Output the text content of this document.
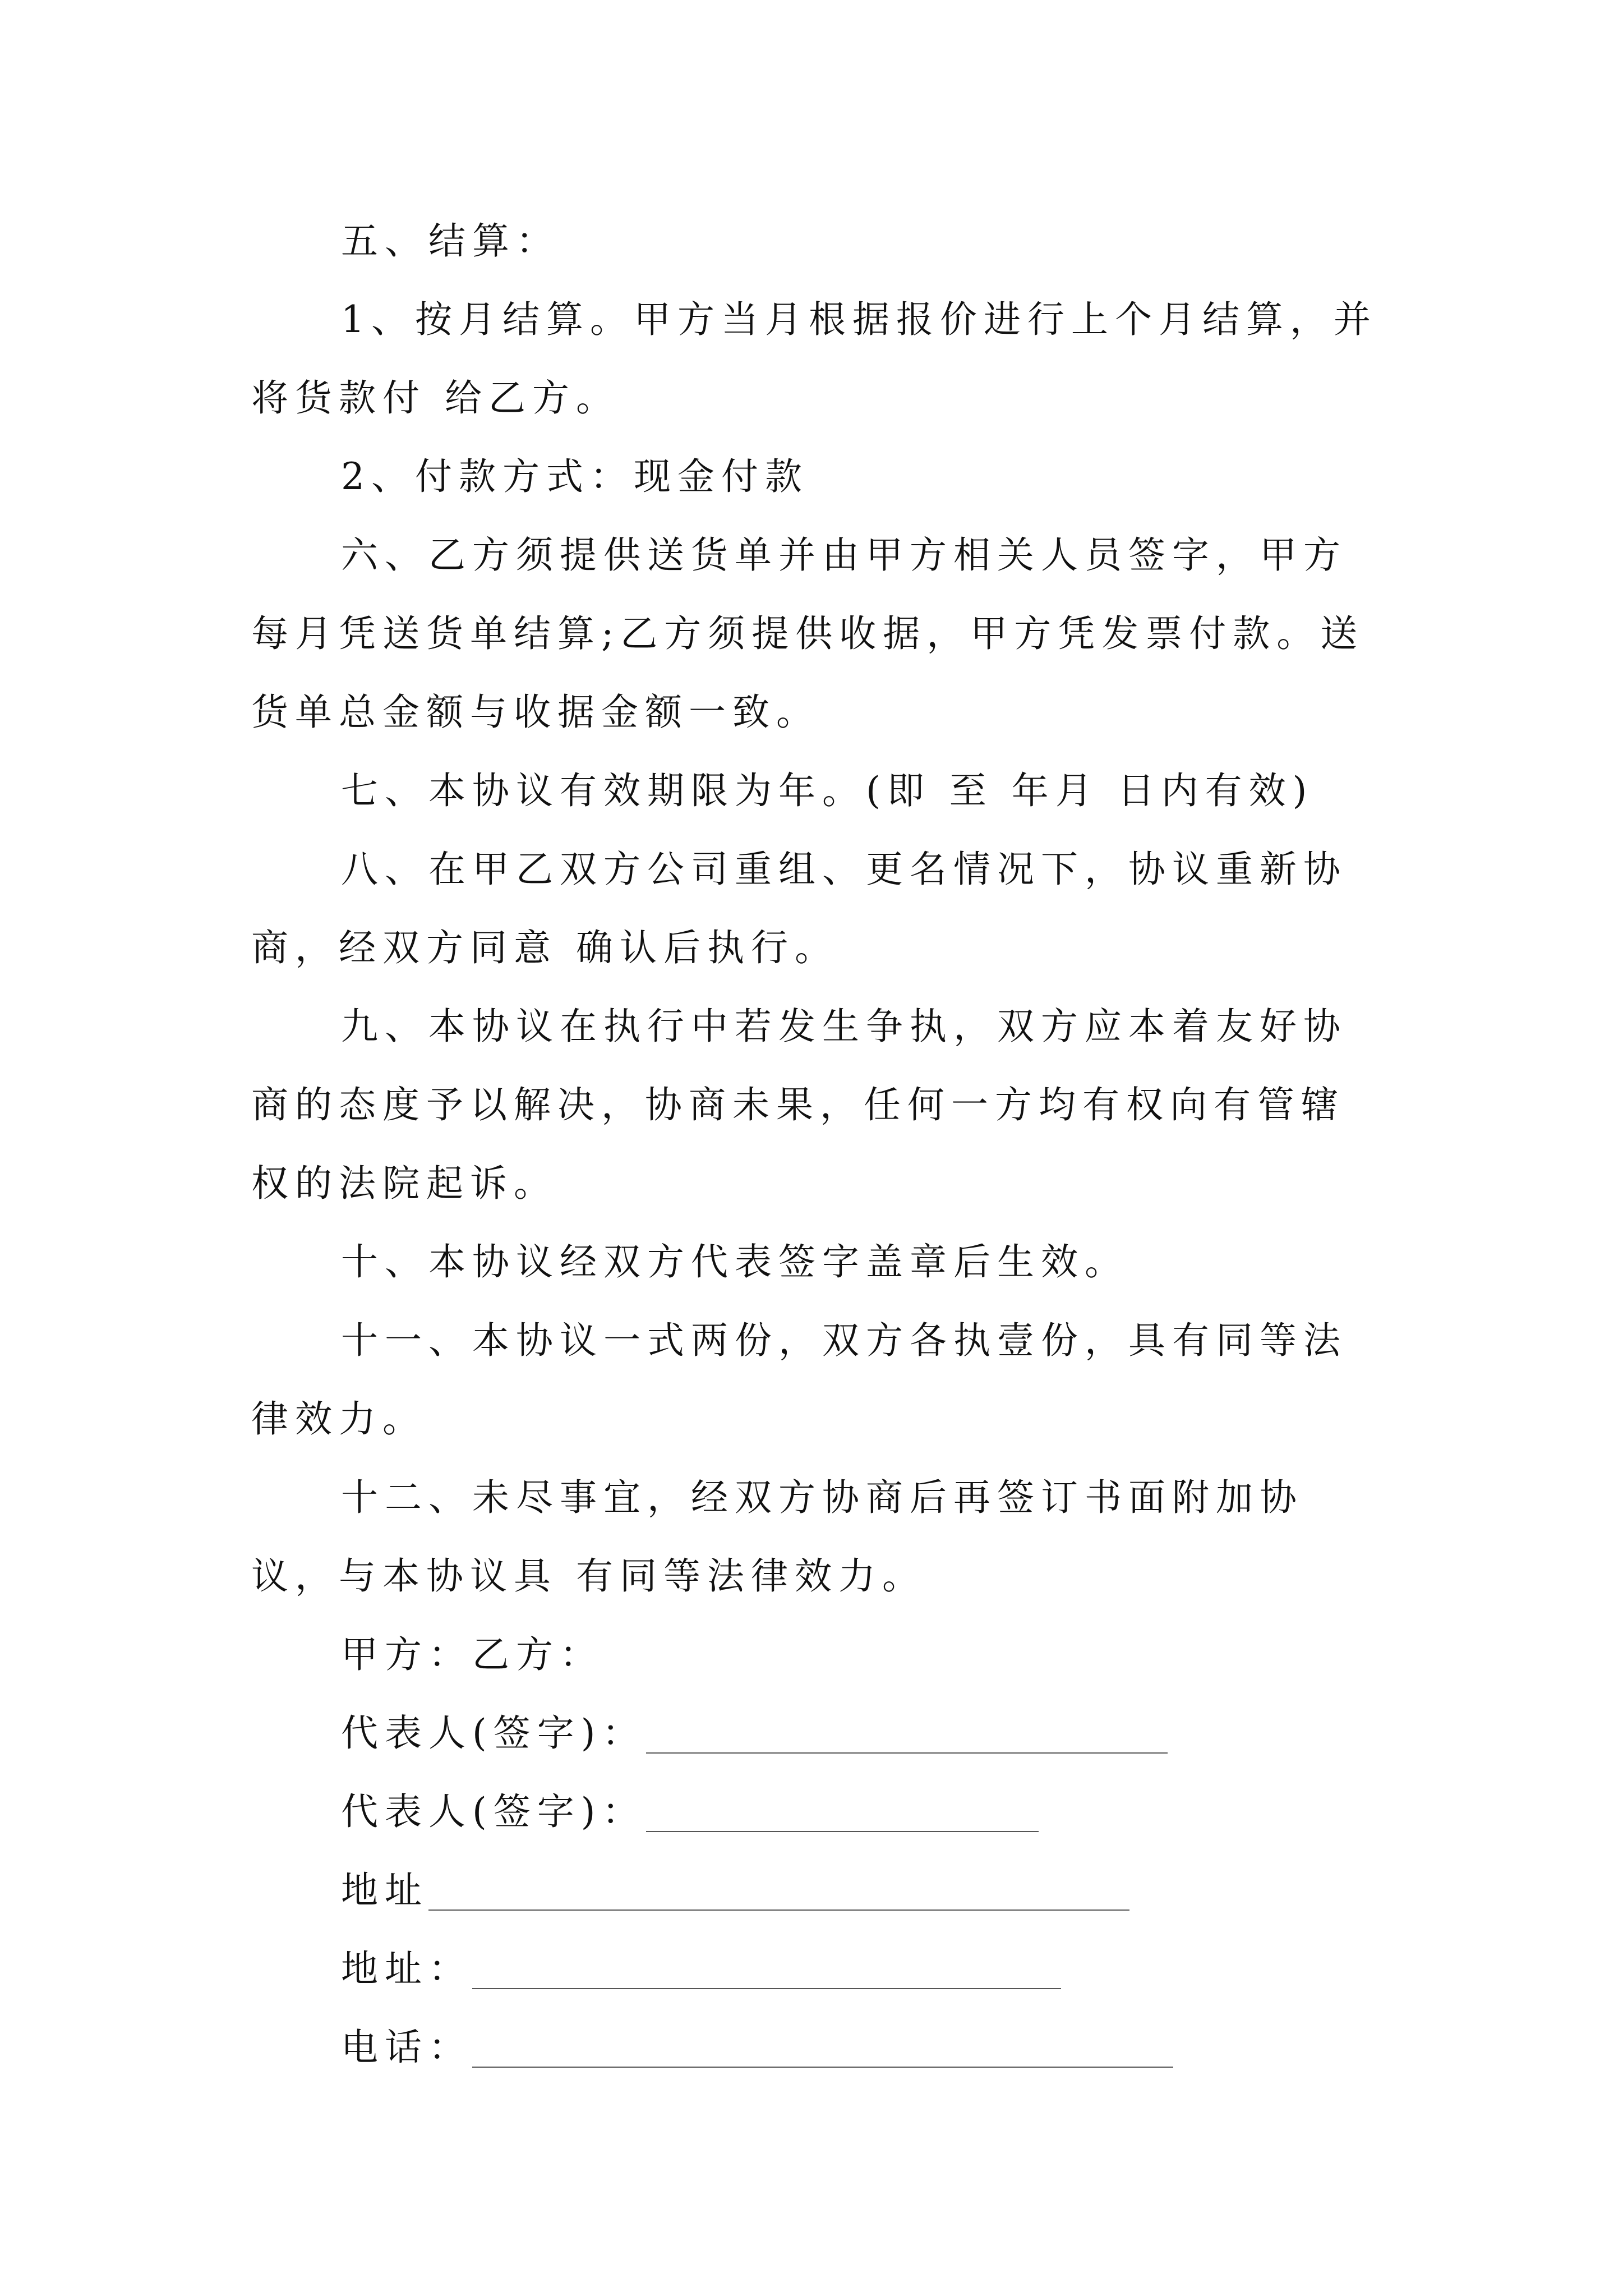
五、结算：

1、按月结算。甲方当月根据报价进行上个月结算，并将货款付 给乙方。

2、付款方式：现金付款

六、乙方须提供送货单并由甲方相关人员签字，甲方每月凭送货单结算;乙方须提供收据，甲方凭发票付款。送货单总金额与收据金额一致。

七、本协议有效期限为年。(即 至 年月 日内有效)

八、在甲乙双方公司重组、更名情况下，协议重新协商，经双方同意 确认后执行。

九、本协议在执行中若发生争执，双方应本着友好协商的态度予以解决，协商未果，任何一方均有权向有管辖权的法院起诉。

十、本协议经双方代表签字盖章后生效。

十一、本协议一式两份，双方各执壹份，具有同等法律效力。

十二、未尽事宜，经双方协商后再签订书面附加协议，与本协议具 有同等法律效力。

甲方：乙方：
代表人(签字)：
代表人(签字)：
地址
地址：
电话：
